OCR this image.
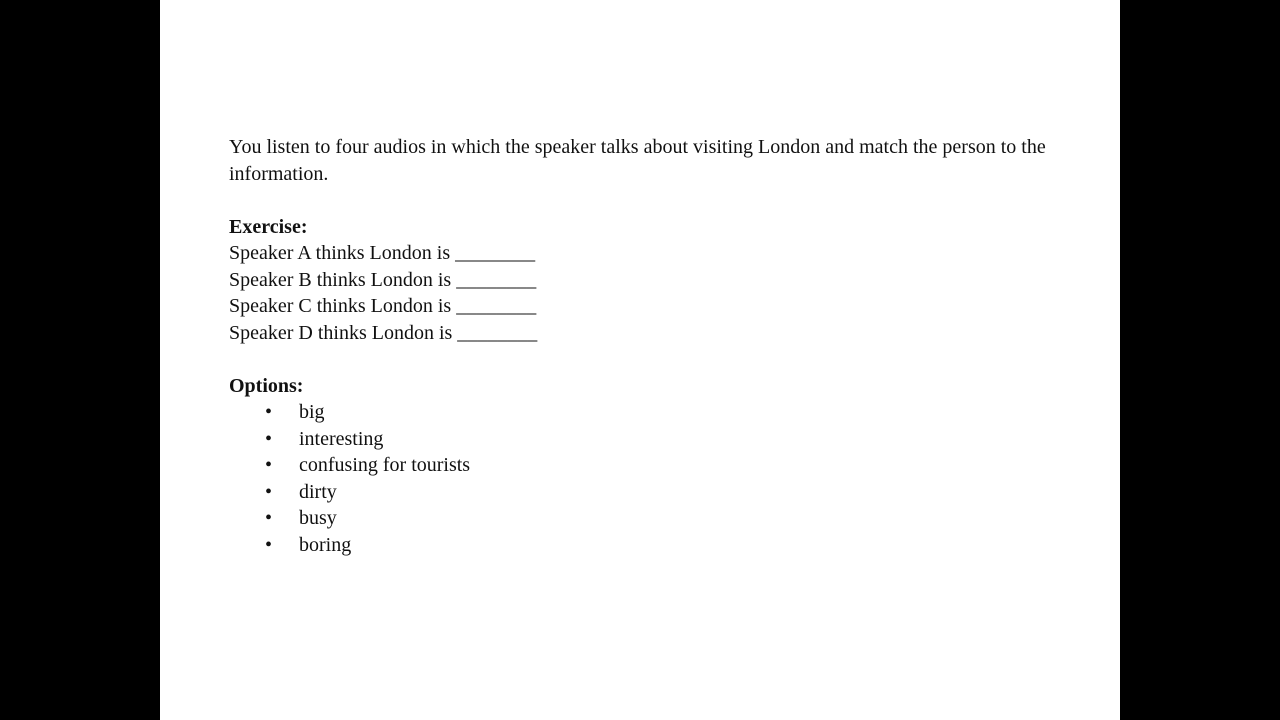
You listen to four audios in which the speaker talks about visiting London and match the person to the information.

Exercise:

Speaker A thinks London is ________

Speaker B thinks London is ________

Speaker C thinks London is ________

Speaker D thinks London is ________

Options:

• big
• interesting
• confusing for tourists
• dirty
• busy
• boring
